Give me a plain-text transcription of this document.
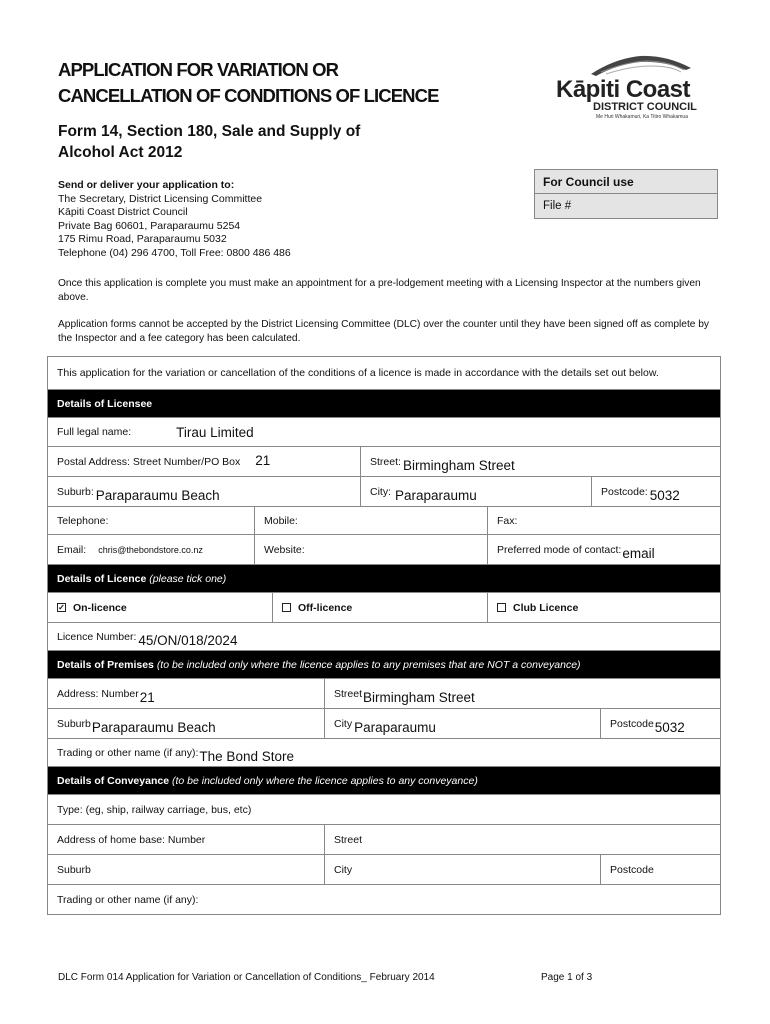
APPLICATION FOR VARIATION OR
CANCELLATION OF CONDITIONS OF LICENCE
Form 14, Section 180, Sale and Supply of
Alcohol Act 2012
Kāpiti Coast
DISTRICT COUNCIL
Me Huri Whakamuri, Ka Titiro Whakamua
Send or deliver your application to:
The Secretary, District Licensing Committee
Kāpiti Coast District Council
Private Bag 60601, Paraparaumu 5254
175 Rimu Road, Paraparaumu 5032
Telephone (04) 296 4700, Toll Free: 0800 486 486
For Council use
File #
Once this application is complete you must make an appointment for a pre-lodgement meeting with a Licensing Inspector at the numbers given above.
Application forms cannot be accepted by the District Licensing Committee (DLC) over the counter until they have been signed off as complete by the Inspector and a fee category has been calculated.
This application for the variation or cancellation of the conditions of a licence is made in accordance with the details set out below.
Details of Licensee
Full legal name:	Tirau Limited
Postal Address: Street Number/PO Box 21	Street: Birmingham Street
Suburb: Paraparaumu Beach	City: Paraparaumu	Postcode: 5032
Telephone:	Mobile:	Fax:
Email: chris@thebondstore.co.nz	Website:	Preferred mode of contact: email
Details of Licence
(please tick one)
✓ On-licence	Off-licence	Club Licence
Licence Number: 45/ON/018/2024
Details of Premises
(to be included only where the licence applies to any premises that are NOT a conveyance)
Address: Number 21	Street Birmingham Street
Suburb Paraparaumu Beach	City Paraparaumu	Postcode 5032
Trading or other name (if any): The Bond Store
Details of Conveyance
(to be included only where the licence applies to any conveyance)
Type: (eg, ship, railway carriage, bus, etc)
Address of home base: Number	Street
Suburb	City	Postcode
Trading or other name (if any):
DLC Form 014 Application for Variation or Cancellation of Conditions_ February 2014	Page 1 of 3
